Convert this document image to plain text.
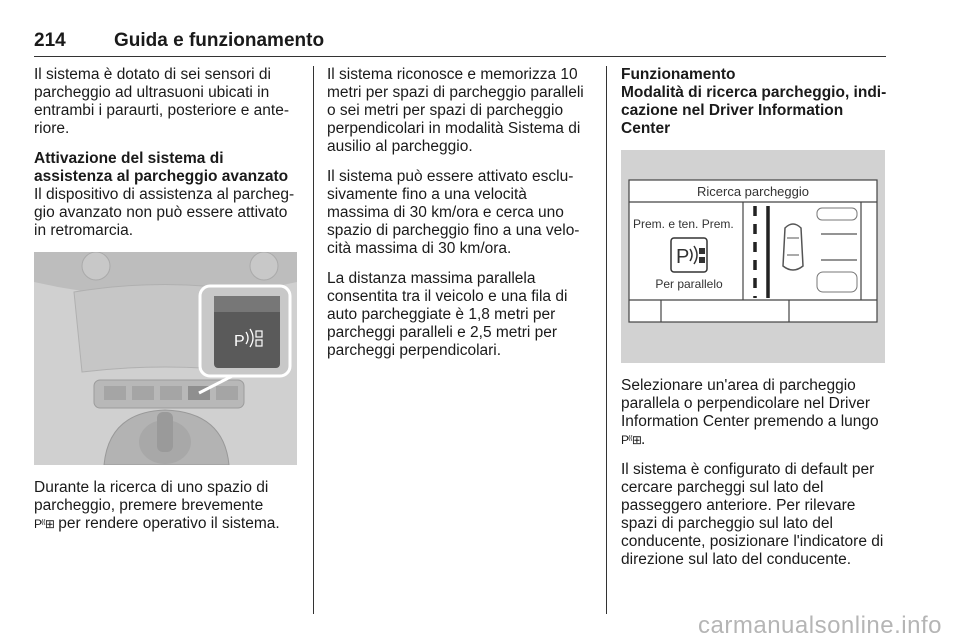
214	Guida e funzionamento

Il sistema è dotato di sei sensori di parcheggio ad ultrasuoni ubicati in entrambi i paraurti, posteriore e ante-riore.

Attivazione del sistema di assistenza al parcheggio avanzato

Il dispositivo di assistenza al parcheg-gio avanzato non può essere attivato in retromarcia.

P

Durante la ricerca di uno spazio di parcheggio, premere brevemente
P⁽⁽⊞ per rendere operativo il sistema.

Il sistema riconosce e memorizza 10 metri per spazi di parcheggio paralleli o sei metri per spazi di parcheggio perpendicolari in modalità Sistema di ausilio al parcheggio.

Il sistema può essere attivato esclu-sivamente fino a una velocità massima di 30 km/ora e cerca uno spazio di parcheggio fino a una velo-cità massima di 30 km/ora.

La distanza massima parallela consentita tra il veicolo e una fila di auto parcheggiate è 1,8 metri per parcheggi paralleli e 2,5 metri per parcheggi perpendicolari.

Funzionamento
Modalità di ricerca parcheggio, indi-cazione nel Driver Information Center
Ricerca parcheggio
Prem. e ten. Prem.
P
Per parallelo

Selezionare un'area di parcheggio parallela o perpendicolare nel Driver Information Center premendo a lungo
P⁽⁽⊞.

Il sistema è configurato di default per cercare parcheggi sul lato del passeggero anteriore. Per rilevare spazi di parcheggio sul lato del conducente, posizionare l'indicatore di direzione sul lato del conducente.

carmanualsonline.info
